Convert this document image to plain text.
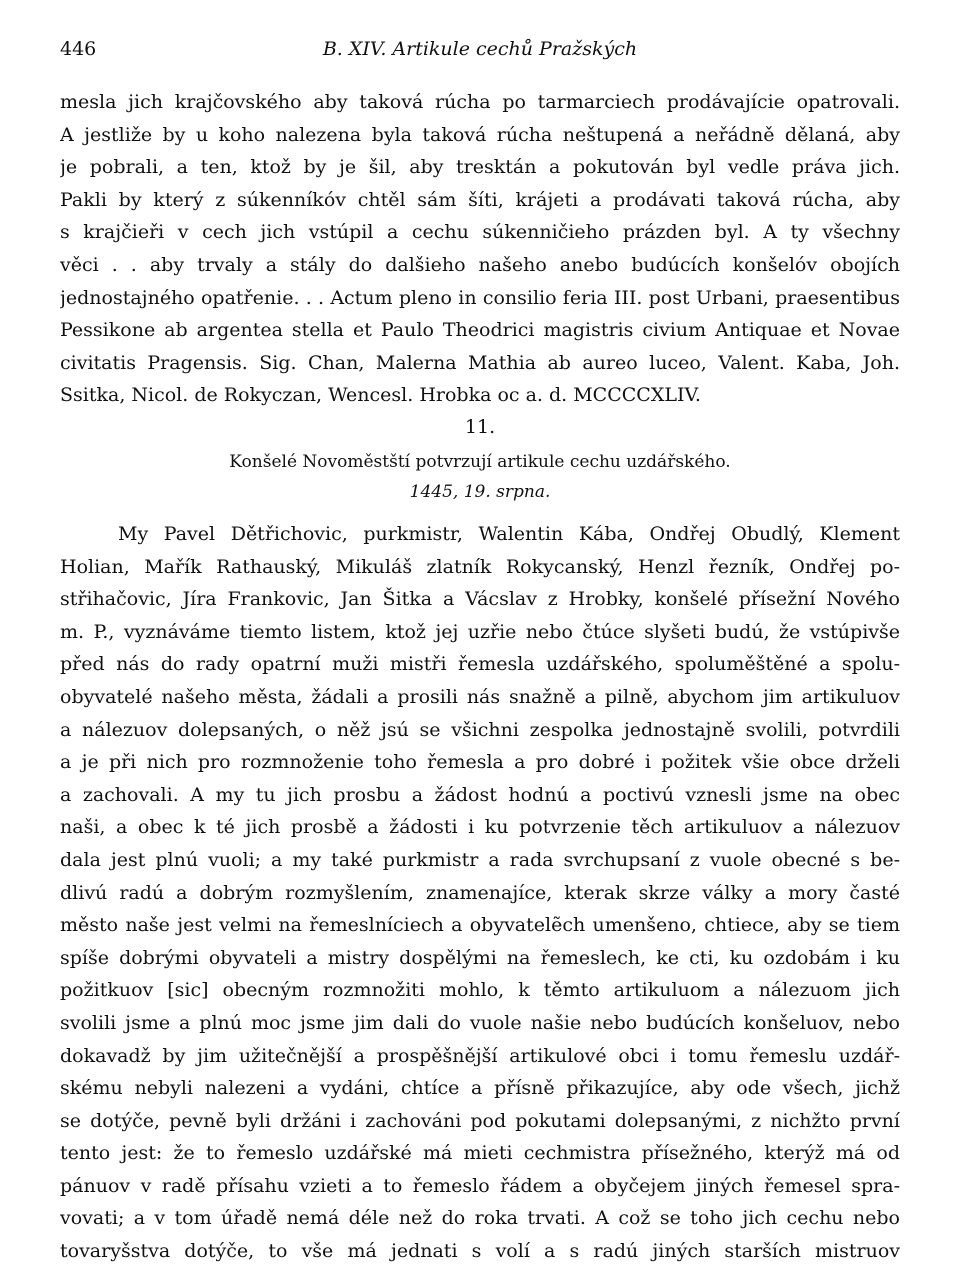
446	B. XIV. Artikule cechů Pražských
mesla jich krajčovského aby taková rúcha po tarmarciech prodávajície opatrovali.
A jestliže by u koho nalezena byla taková rúcha neštupená a neřádně dělaná, aby
je pobrali, a ten, ktož by je šil, aby tresktán a pokutován byl vedle práva jich.
Pakli by který z súkenníkóv chtěl sám šíti, krájeti a prodávati taková rúcha, aby
s krajčieři v cech jich vstúpil a cechu súkenničieho prázden byl. A ty všechny
věci . . aby trvaly a stály do dalšieho našeho anebo budúcích konšelóv obojích
jednostajného opatřenie. . . Actum pleno in consilio feria III. post Urbani, praesentibus
Pessikone ab argentea stella et Paulo Theodrici magistris civium Antiquae et Novae
civitatis Pragensis. Sig. Chan, Malerna Mathia ab aureo luceo, Valent. Kaba, Joh.
Ssitka, Nicol. de Rokyczan, Wencesl. Hrobka oc a. d. MCCCCXLIV.
11.
Konšelé Novoměstští potvrzují artikule cechu uzdářského.
1445, 19. srpna.
My Pavel Dětřichovic, purkmistr, Walentin Kába, Ondřej Obudlý, Klement
Holian, Mařík Rathauský, Mikuláš zlatník Rokycanský, Henzl řezník, Ondřej po-
střihačovic, Jíra Frankovic, Jan Šitka a Vácslav z Hrobky, konšelé přísežní Nového
m. P., vyznáváme tiemto listem, ktož jej uzřie nebo čtúce slyšeti budú, že vstúpivše
před nás do rady opatrní muži mistři řemesla uzdářského, spoluměštěné a spolu-
obyvatelé našeho města, žádali a prosili nás snažně a pilně, abychom jim artikuluov
a nálezuov dolepsaných, o něž jsú se všichni zespolka jednostajně svolili, potvrdili
a je při nich pro rozmnoženie toho řemesla a pro dobré i požitek všie obce drželi
a zachovali. A my tu jich prosbu a žádost hodnú a poctivú vznesli jsme na obec
naši, a obec k té jich prosbě a žádosti i ku potvrzenie těch artikuluov a nálezuov
dala jest plnú vuoli; a my také purkmistr a rada svrchupsaní z vuole obecné s be-
dlivú radú a dobrým rozmyšlením, znamenajíce, kterak skrze války a mory časté
město naše jest velmi na řemeslníciech a obyvatelẽch umenšeno, chtiece, aby se tiem
spíše dobrými obyvateli a mistry dospělými na řemeslech, ke cti, ku ozdobám i ku
požitkuov [sic] obecným rozmnožiti mohlo, k těmto artikuluom a nálezuom jich
svolili jsme a plnú moc jsme jim dali do vuole našie nebo budúcích konšeluov, nebo
dokavadž by jim užitečnější a prospěšnější artikulové obci i tomu řemeslu uzdář-
skému nebyli nalezeni a vydáni, chtíce a přísně přikazujíce, aby ode všech, jichž
se dotýče, pevně byli držáni i zachováni pod pokutami dolepsanými, z nichžto první
tento jest: že to řemeslo uzdářské má mieti cechmistra přísežného, kterýž má od
pánuov v radě přísahu vzieti a to řemeslo řádem a obyčejem jiných řemesel spra-
vovati; a v tom úřadě nemá déle než do roka trvati. A což se toho jich cechu nebo
tovaryšstva dotýče, to vše má jednati s volí a s radú jiných starších mistruov
